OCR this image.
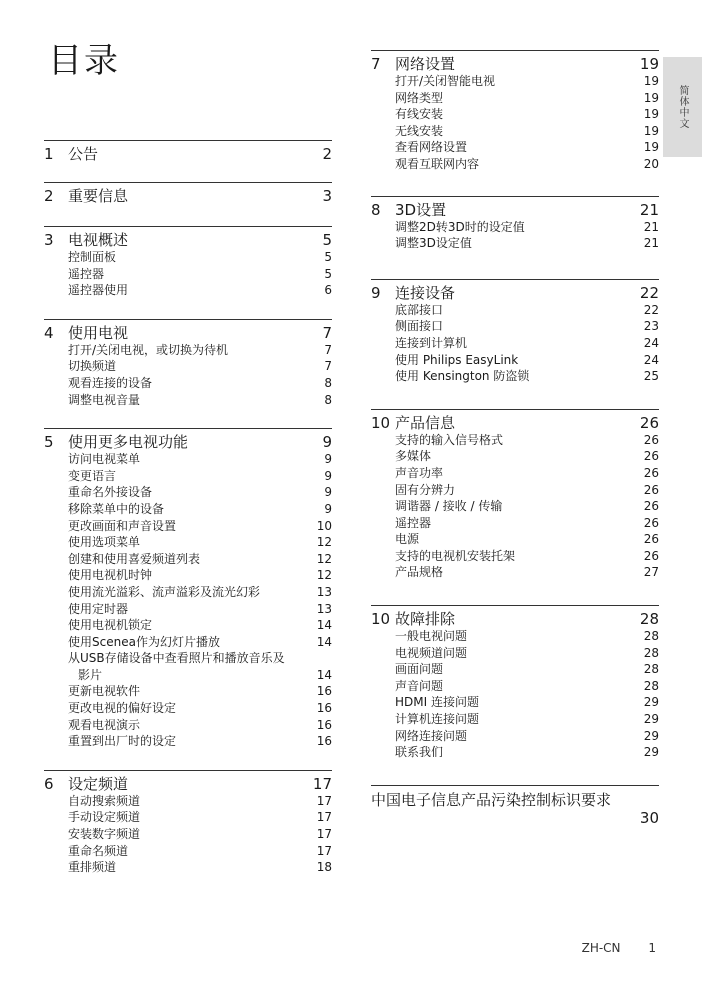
目录
简体中文
1 公告	2
2 重要信息	3
3 电视概述	5
控制面板	5
遥控器	5
遥控器使用	6
4 使用电视	7
打开/关闭电视，或切换为待机	7
切换频道	7
观看连接的设备	8
调整电视音量	8
5 使用更多电视功能	9
访问电视菜单	9
变更语言	9
重命名外接设备	9
移除菜单中的设备	9
更改画面和声音设置	10
使用选项菜单	12
创建和使用喜爱频道列表	12
使用电视机时钟	12
使用流光溢彩、流声溢彩及流光幻彩	13
使用定时器	13
使用电视机锁定	14
使用Scenea作为幻灯片播放	14
从USB存储设备中查看照片和播放音乐及
影片	14
更新电视软件	16
更改电视的偏好设定	16
观看电视演示	16
重置到出厂时的设定	16
6 设定频道	17
自动搜索频道	17
手动设定频道	17
安装数字频道	17
重命名频道	17
重排频道	18
7 网络设置	19
打开/关闭智能电视	19
网络类型	19
有线安装	19
无线安装	19
查看网络设置	19
观看互联网内容	20
8 3D设置	21
调整2D转3D时的设定值	21
调整3D设定值	21
9 连接设备	22
底部接口	22
侧面接口	23
连接到计算机	24
使用 Philips EasyLink	24
使用 Kensington 防盗锁	25
10 产品信息	26
支持的输入信号格式	26
多媒体	26
声音功率	26
固有分辨力	26
调谐器 / 接收 / 传输	26
遥控器	26
电源	26
支持的电视机安装托架	26
产品规格	27
10 故障排除	28
一般电视问题	28
电视频道问题	28
画面问题	28
声音问题	28
HDMI 连接问题	29
计算机连接问题	29
网络连接问题	29
联系我们	29
中国电子信息产品污染控制标识要求
30
ZH-CN 1
